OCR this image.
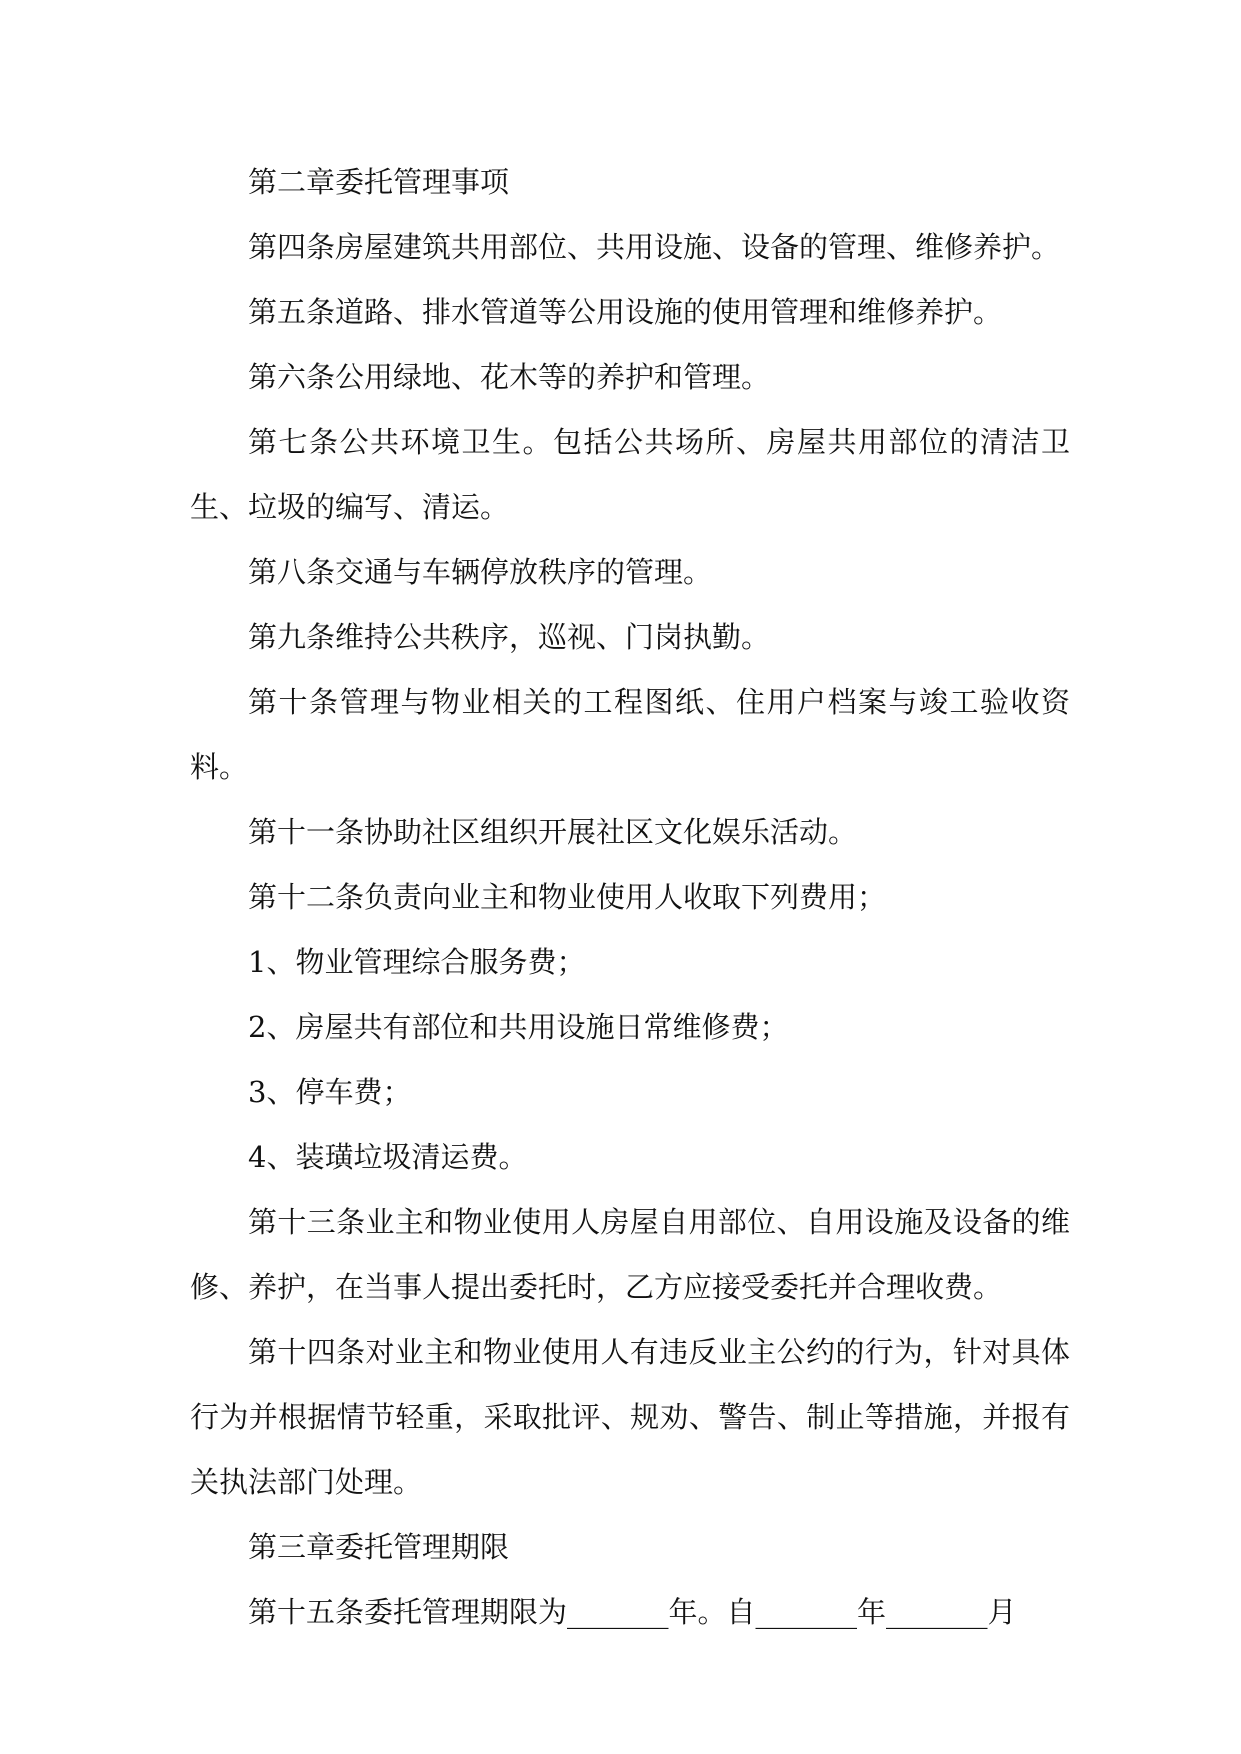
第二章委托管理事项

第四条房屋建筑共用部位、共用设施、设备的管理、维修养护。

第五条道路、排水管道等公用设施的使用管理和维修养护。

第六条公用绿地、花木等的养护和管理。

第七条公共环境卫生。包括公共场所、房屋共用部位的清洁卫生、垃圾的编写、清运。

第八条交通与车辆停放秩序的管理。

第九条维持公共秩序，巡视、门岗执勤。

第十条管理与物业相关的工程图纸、住用户档案与竣工验收资料。

第十一条协助社区组织开展社区文化娱乐活动。

第十二条负责向业主和物业使用人收取下列费用；

1、物业管理综合服务费；

2、房屋共有部位和共用设施日常维修费；

3、停车费；

4、装璜垃圾清运费。

第十三条业主和物业使用人房屋自用部位、自用设施及设备的维修、养护，在当事人提出委托时，乙方应接受委托并合理收费。

第十四条对业主和物业使用人有违反业主公约的行为，针对具体行为并根据情节轻重，采取批评、规劝、警告、制止等措施，并报有关执法部门处理。

第三章委托管理期限

第十五条委托管理期限为_______年。自_______年_______月
